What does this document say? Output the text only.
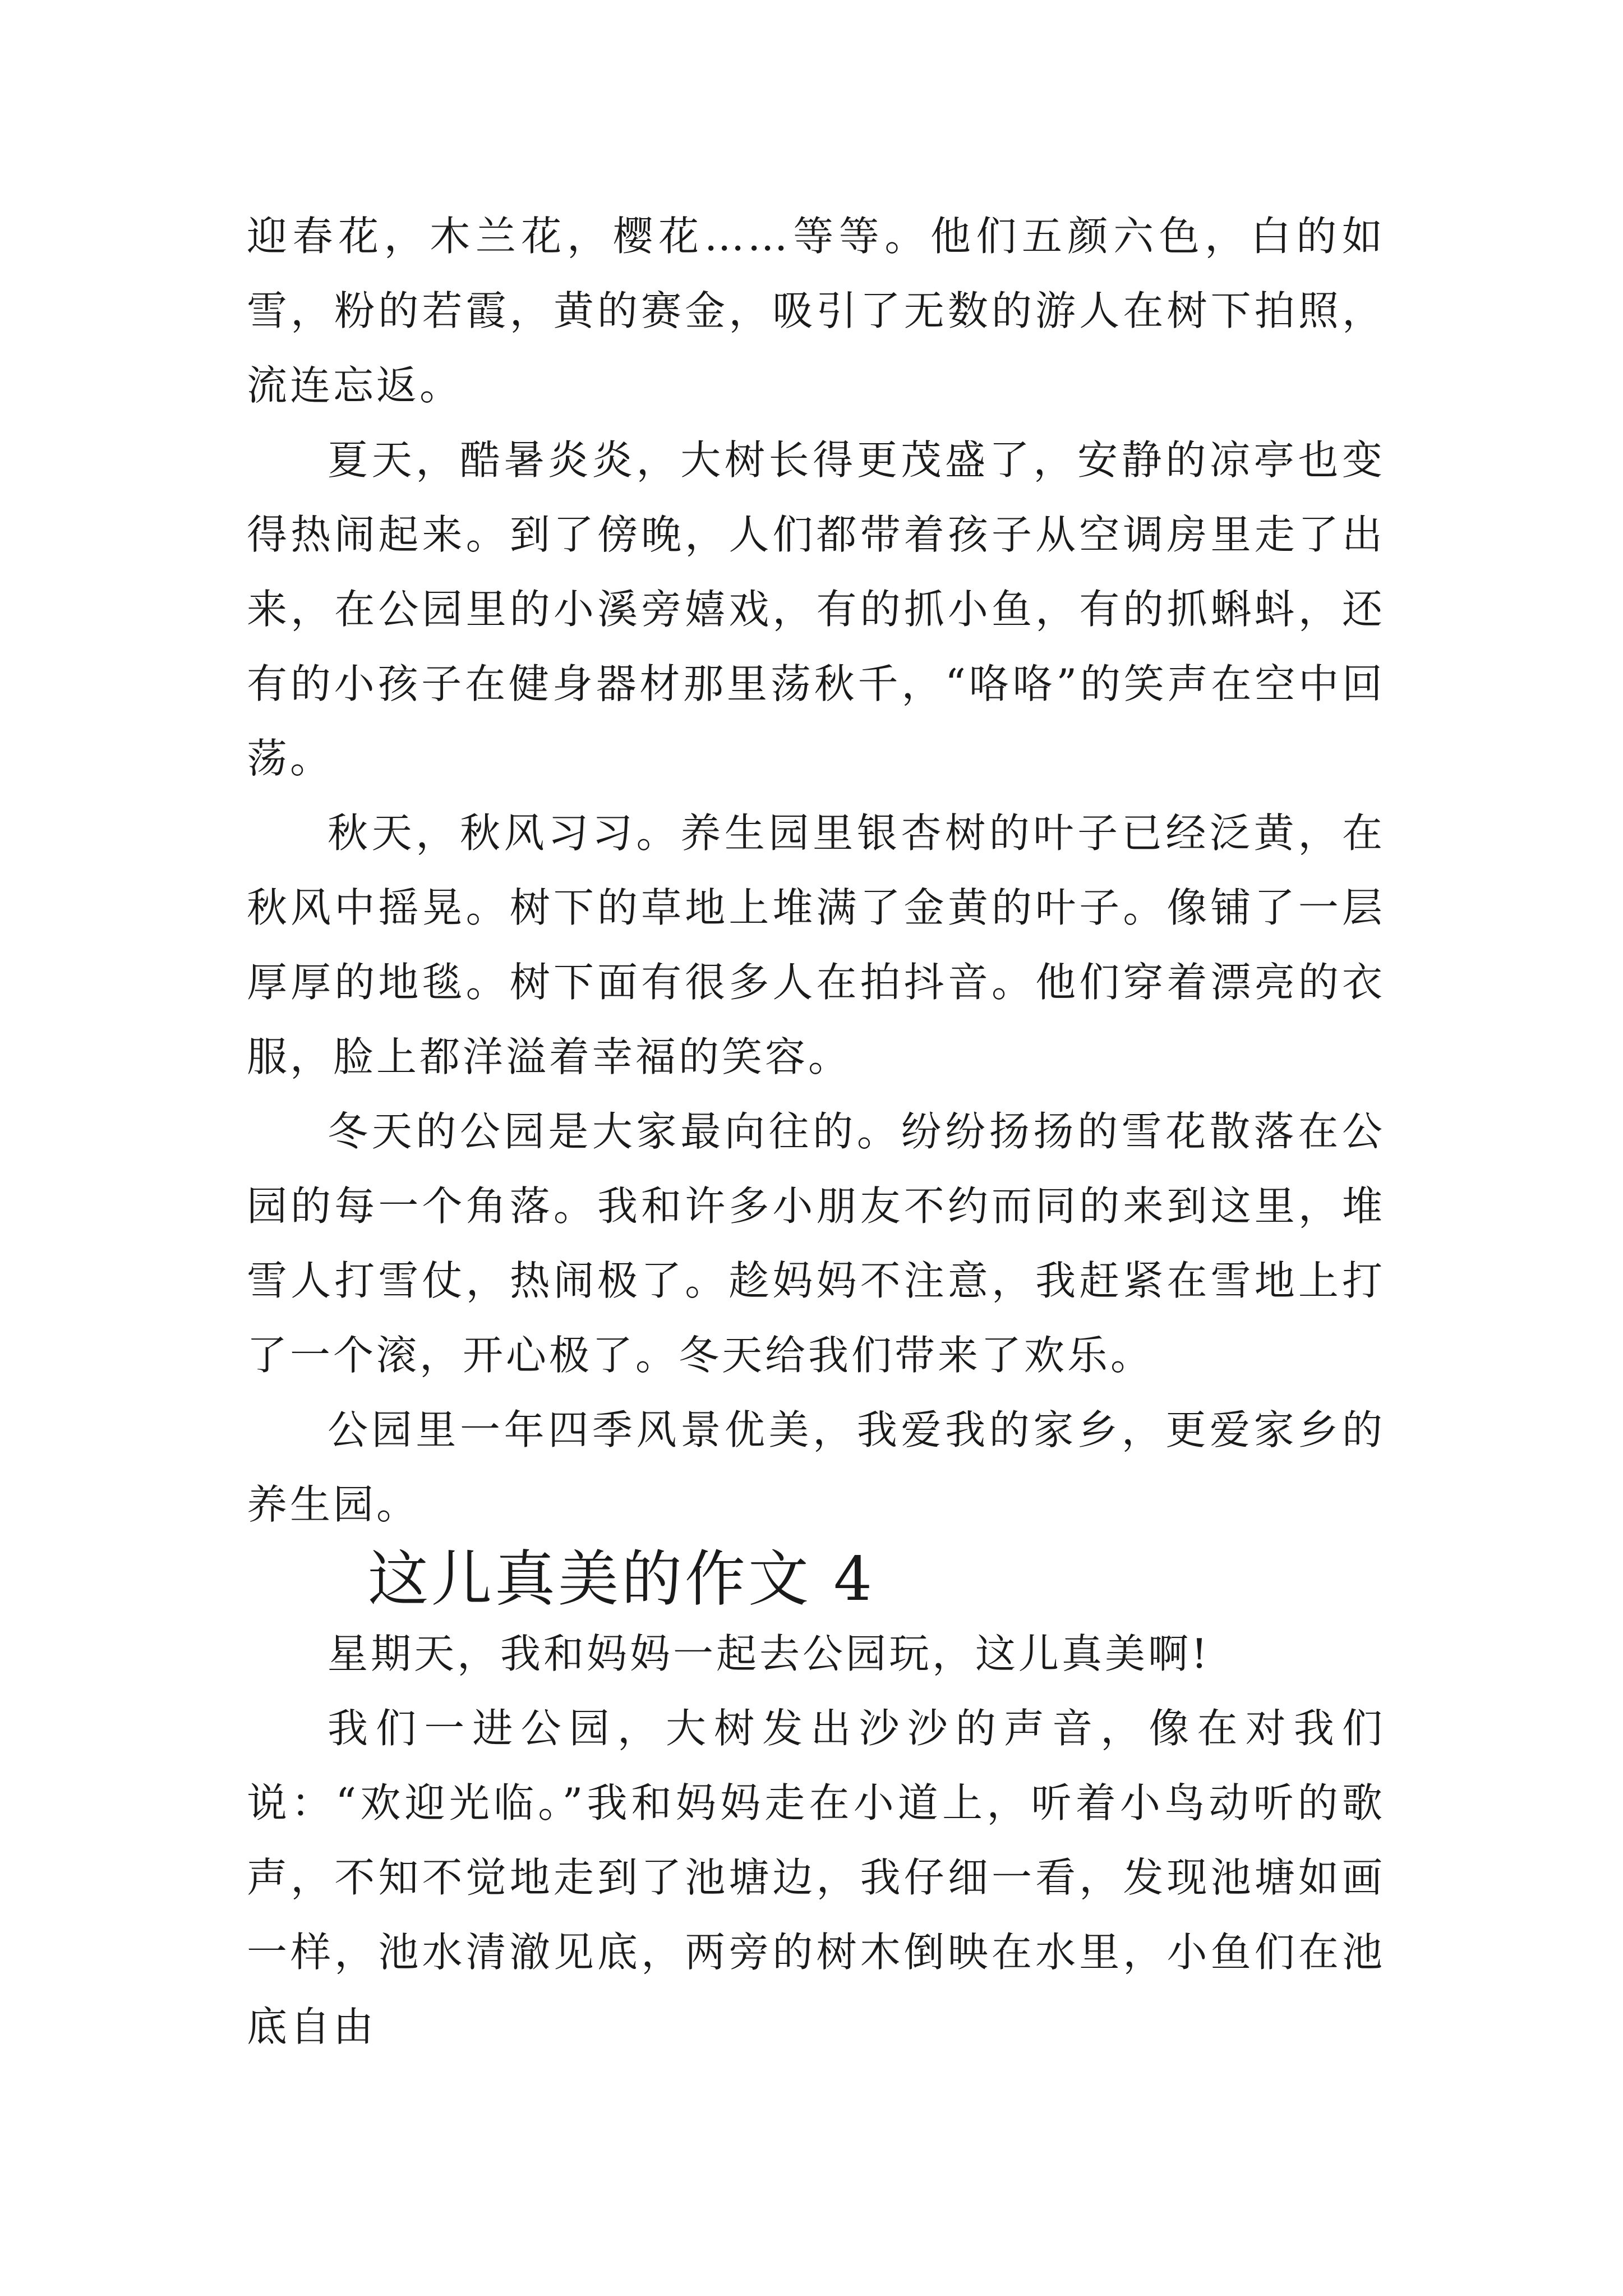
迎春花，木兰花，樱花……等等。他们五颜六色，白的如雪，粉的若霞，黄的赛金，吸引了无数的游人在树下拍照，流连忘返。

夏天，酷暑炎炎，大树长得更茂盛了，安静的凉亭也变得热闹起来。到了傍晚，人们都带着孩子从空调房里走了出来，在公园里的小溪旁嬉戏，有的抓小鱼，有的抓蝌蚪，还有的小孩子在健身器材那里荡秋千，“咯咯”的笑声在空中回荡。

秋天，秋风习习。养生园里银杏树的叶子已经泛黄，在秋风中摇晃。树下的草地上堆满了金黄的叶子。像铺了一层厚厚的地毯。树下面有很多人在拍抖音。他们穿着漂亮的衣服，脸上都洋溢着幸福的笑容。

冬天的公园是大家最向往的。纷纷扬扬的雪花散落在公园的每一个角落。我和许多小朋友不约而同的来到这里，堆雪人打雪仗，热闹极了。趁妈妈不注意，我赶紧在雪地上打了一个滚，开心极了。冬天给我们带来了欢乐。

公园里一年四季风景优美，我爱我的家乡，更爱家乡的养生园。

这儿真美的作文 4

星期天，我和妈妈一起去公园玩，这儿真美啊!

我们一进公园，大树发出沙沙的声音，像在对我们说：“欢迎光临。”我和妈妈走在小道上，听着小鸟动听的歌声，不知不觉地走到了池塘边，我仔细一看，发现池塘如画一样，池水清澈见底，两旁的树木倒映在水里，小鱼们在池底自由
